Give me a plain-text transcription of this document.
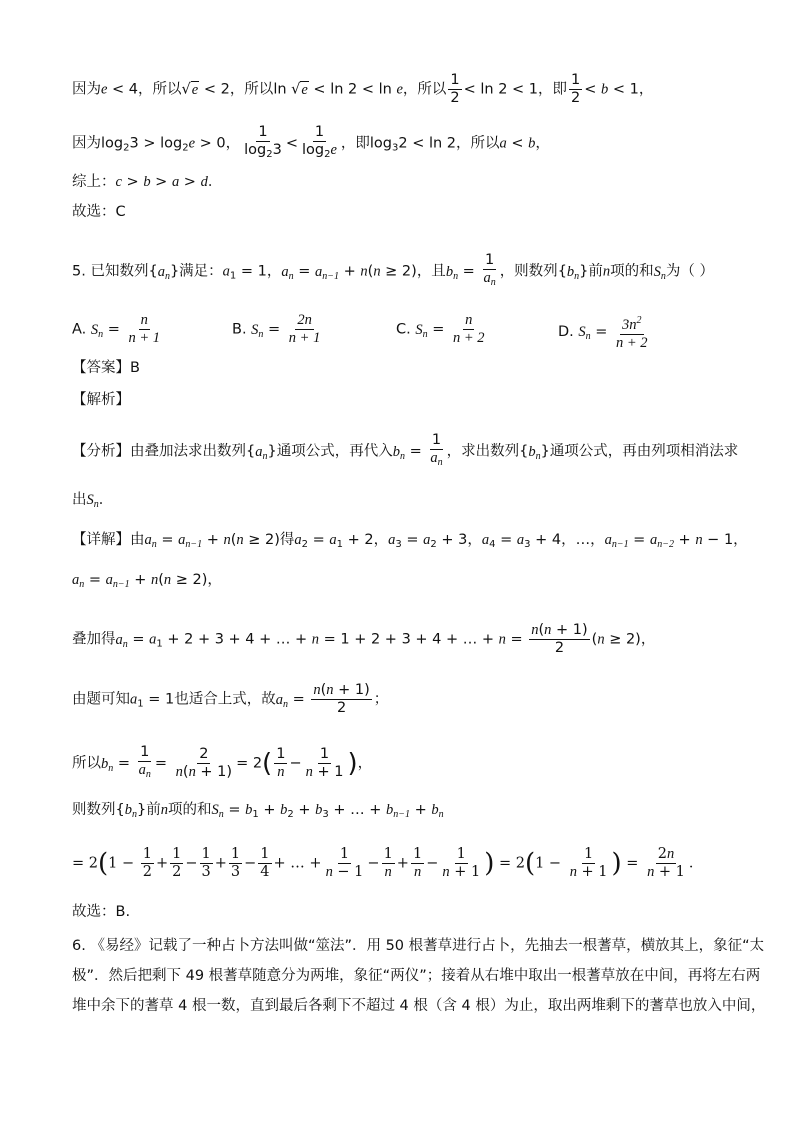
因为e < 4，所以√e < 2，所以ln √e < ln 2 < ln e，所以 $\frac{1}{2} < \ln 2 < 1$，即 $\frac{1}{2} < b < 1$，
因为$\log_23 > \log_2e > 0$， $\frac{1}{\log_23} < \frac{1}{\log_2e}$ ，即$\log_32 < \ln 2$，所以a < b，
综上：c > b > a > d．
故选：C
5. 已知数列$\{a_n\}$满足：$a_1 = 1$，$a_n = a_{n-1} + n(n \ge 2)$，且$b_n = \frac{1}{a_n}$ ，则数列$\{b_n\}$前n项的和$S_n$为（ ）
A. $S_n = \frac{n}{n + 1}$	B. $S_n = \frac{2n}{n + 1}$	C. $S_n = \frac{n}{n + 2}$	D. $S_n = \frac{3n^2}{n + 2}$
【答案】B
【解析】
【分析】由叠加法求出数列$\{a_n\}$通项公式，再代入$b_n = \frac{1}{a_n}$ ，求出数列$\{b_n\}$通项公式，再由列项相消法求
出$S_n$．
【详解】由$a_n = a_{n-1} + n(n \ge 2)$得$a_2 = a_1 + 2$，$a_3 = a_2 + 3$，$a_4 = a_3 + 4$，…，$a_{n-1} = a_{n-2} + n - 1$，
$a_n = a_{n-1} + n(n \ge 2)$，
叠加得$a_n = a_1 + 2 + 3 + 4$ + … + n = 1 + 2 + 3 + 4 + … + $n = \frac{n(n + 1)}{2} (n \ge 2)$，
由题可知$a_1 = 1$也适合上式，故$a_n = \frac{n(n + 1)}{2}$ ；
所以$b_n = \frac{1}{a_n} = \frac{2}{n(n + 1)} = 2( \frac{1}{n} - \frac{1}{n + 1}$ )，
则数列$\{b_n\}$前n项的和$S_n = b_1 + b_2 + b_3$ + … + $b_{n-1} + b_n$
= $2(1 - \frac{1}{2} + \frac{1}{2} - \frac{1}{3} + \frac{1}{3} - \frac{1}{4}$ + … + $\frac{1}{n - 1} - \frac{1}{n} + \frac{1}{n} - \frac{1}{n + 1}$ ) = $2(1 - \frac{1}{n + 1}$ ) = $\frac{2n}{n + 1}$ ．
故选：B.
6. 《易经》记载了一种占卜方法叫做“筮法”．用 50 根蓍草进行占卜，先抽去一根蓍草，横放其上，象征“太
极”．然后把剩下 49 根蓍草随意分为两堆，象征“两仪”；接着从右堆中取出一根蓍草放在中间，再将左右两
堆中余下的蓍草 4 根一数，直到最后各剩下不超过 4 根（含 4 根）为止，取出两堆剩下的蓍草也放入中间，
